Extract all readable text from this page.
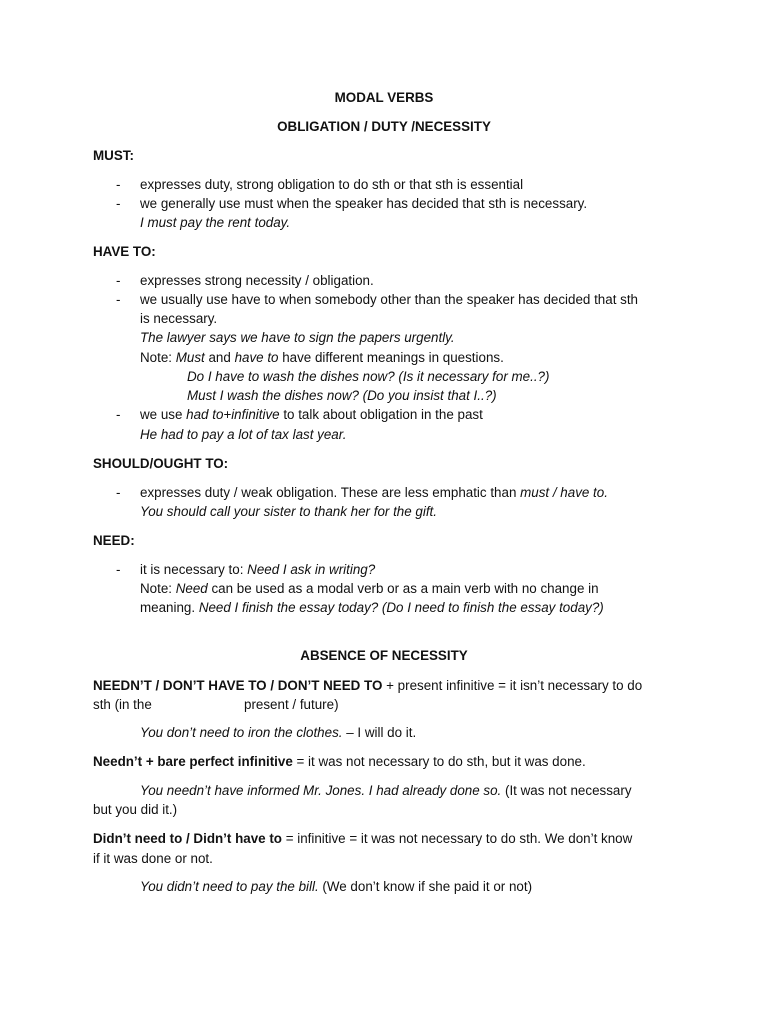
MODAL VERBS
OBLIGATION / DUTY /NECESSITY
MUST:
- expresses duty, strong obligation to do sth or that sth is essential
- we generally use must when the speaker has decided that sth is necessary.
I must pay the rent today.
HAVE TO:
- expresses strong necessity / obligation.
- we usually use have to when somebody other than the speaker has decided that sth
is necessary.
The lawyer says we have to sign the papers urgently.
Note: Must and have to have different meanings in questions.
Do I have to wash the dishes now? (Is it necessary for me..?)
Must I wash the dishes now? (Do you insist that I..?)
- we use had to+infinitive to talk about obligation in the past
He had to pay a lot of tax last year.
SHOULD/OUGHT TO:
- expresses duty / weak obligation. These are less emphatic than must / have to.
You should call your sister to thank her for the gift.
NEED:
- it is necessary to: Need I ask in writing?
Note: Need can be used as a modal verb or as a main verb with no change in
meaning. Need I finish the essay today? (Do I need to finish the essay today?)
ABSENCE OF NECESSITY
NEEDN’T / DON’T HAVE TO / DON’T NEED TO + present infinitive = it isn’t necessary to do
sth (in the	present / future)
You don’t need to iron the clothes. – I will do it.
Needn’t + bare perfect infinitive = it was not necessary to do sth, but it was done.
You needn’t have informed Mr. Jones. I had already done so. (It was not necessary
but you did it.)
Didn’t need to / Didn’t have to = infinitive = it was not necessary to do sth. We don’t know
if it was done or not.
You didn’t need to pay the bill. (We don’t know if she paid it or not)
